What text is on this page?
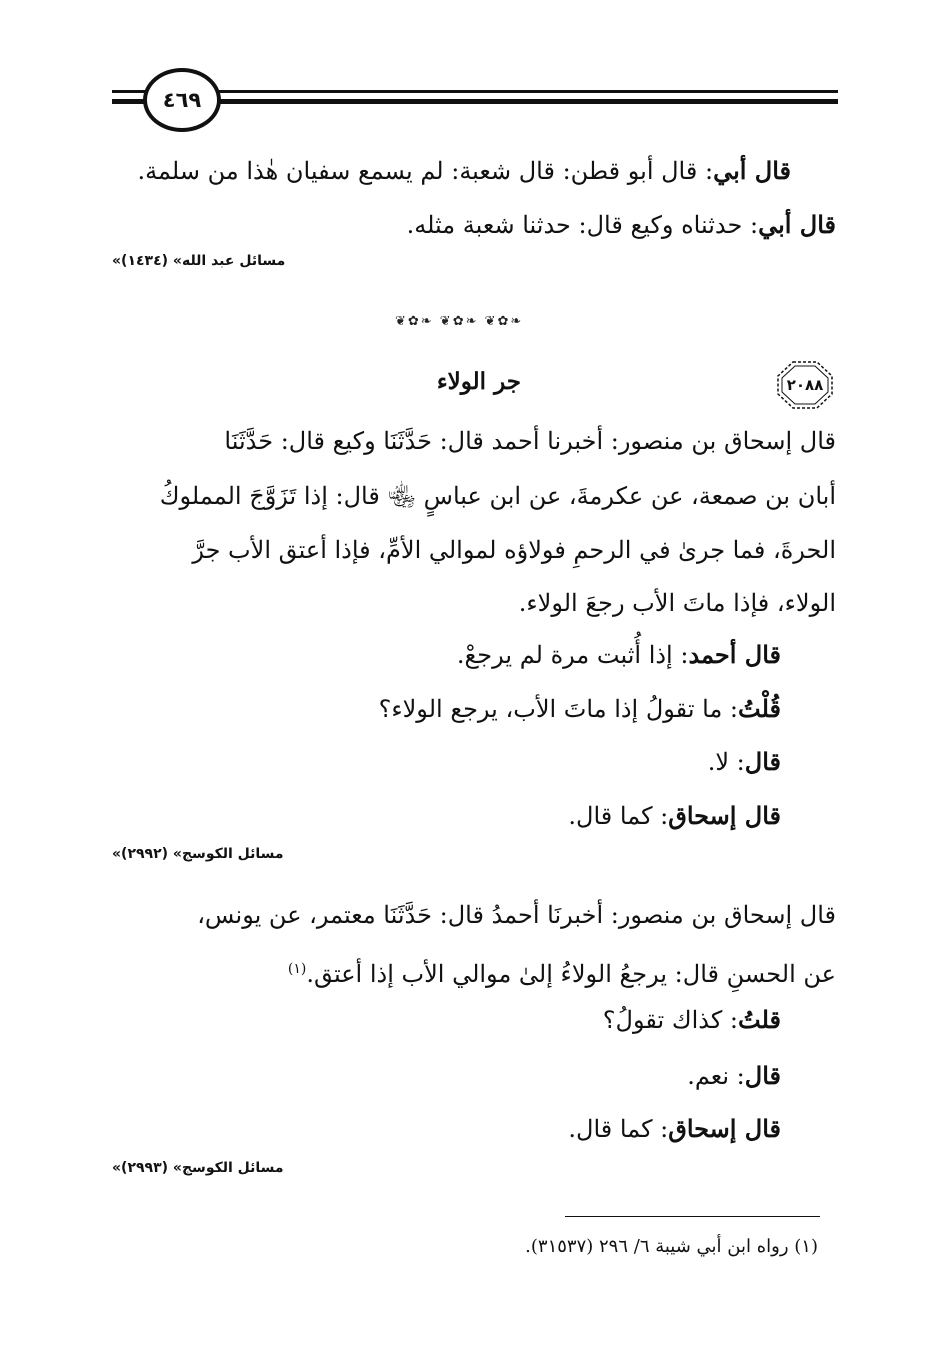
٤٦٩
قال أبي: قال أبو قطن: قال شعبة: لم يسمع سفيان هٰذا من سلمة.
قال أبي: حدثناه وكيع قال: حدثنا شعبة مثله.
«مسائل عبد الله» (١٤٣٤)
❦✿❧ ❦✿❧ ❦✿❧
٢٠٨٨
جر الولاء
قال إسحاق بن منصور: أخبرنا أحمد قال: حَدَّثَنَا وكيع قال: حَدَّثَنَا
أبان بن صمعة، عن عكرمةَ، عن ابن عباسٍ ﵄ قال: إذا تَزَوَّجَ المملوكُ
الحرةَ، فما جرىٰ في الرحمِ فولاؤه لموالي الأمِّ، فإذا أعتق الأب جرَّ
الولاء، فإذا ماتَ الأب رجعَ الولاء.
قال أحمد: إذا أُثبت مرة لم يرجعْ.
قُلْتُ: ما تقولُ إذا ماتَ الأب، يرجع الولاء؟
قال: لا.
قال إسحاق: كما قال.
«مسائل الكوسج» (٢٩٩٢)
قال إسحاق بن منصور: أخبرنَا أحمدُ قال: حَدَّثَنَا معتمر، عن يونس،
عن الحسنِ قال: يرجعُ الولاءُ إلىٰ موالي الأب إذا أعتق.$^{(١)}$
قلتُ: كذاك تقولُ؟
قال: نعم.
قال إسحاق: كما قال.
«مسائل الكوسج» (٢٩٩٣)
(١) رواه ابن أبي شيبة ٦/ ٢٩٦ (٣١٥٣٧).
